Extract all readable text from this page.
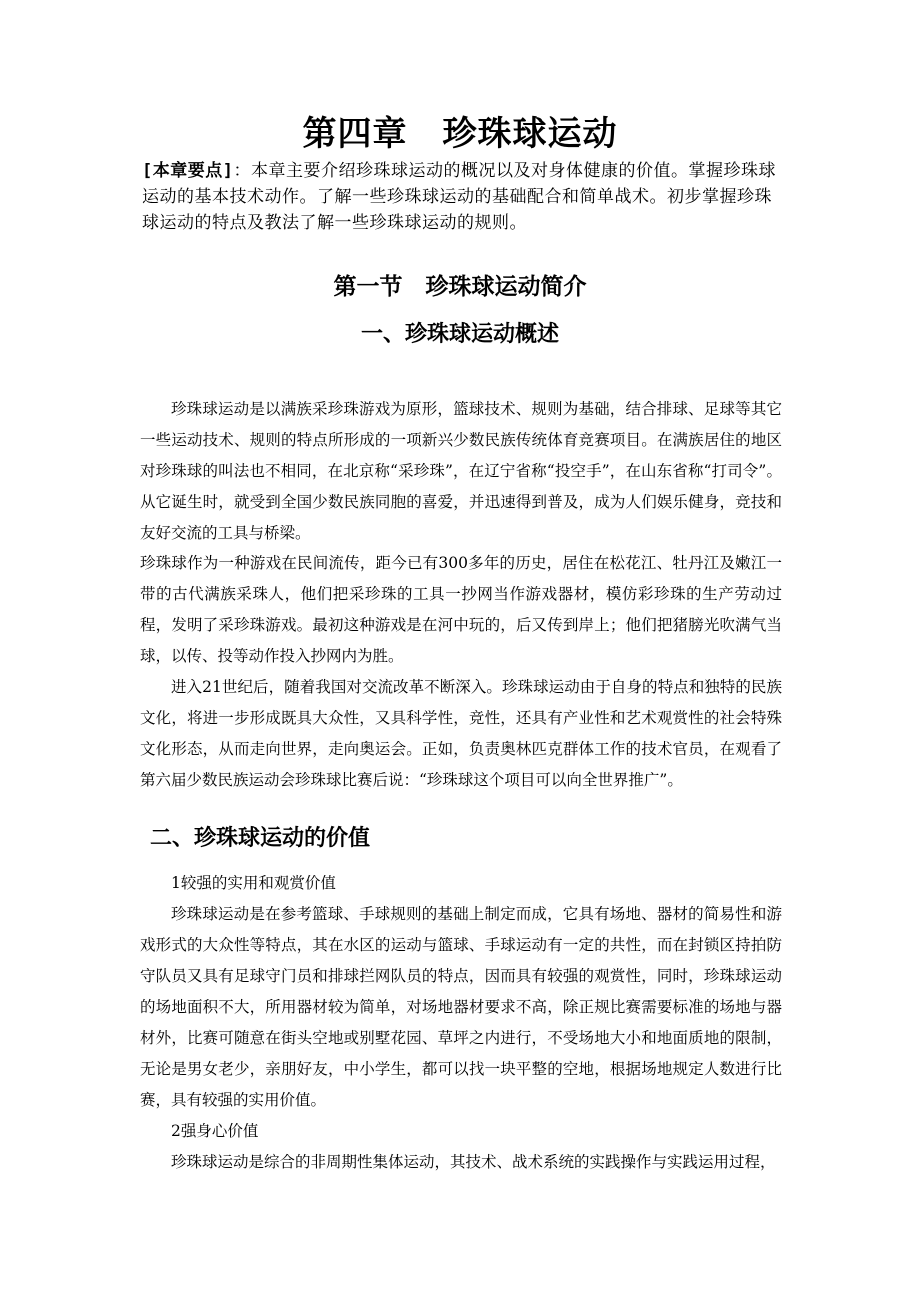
第四章　珍珠球运动
[本章要点]：本章主要介绍珍珠球运动的概况以及对身体健康的价值。掌握珍珠球运动的基本技术动作。了解一些珍珠球运动的基础配合和简单战术。初步掌握珍珠球运动的特点及教法了解一些珍珠球运动的规则。
第一节　珍珠球运动简介
一、珍珠球运动概述

珍珠球运动是以满族采珍珠游戏为原形，篮球技术、规则为基础，结合排球、足球等其它一些运动技术、规则的特点所形成的一项新兴少数民族传统体育竞赛项目。在满族居住的地区对珍珠球的叫法也不相同，在北京称“采珍珠”，在辽宁省称“投空手”，在山东省称“打司令”。从它诞生时，就受到全国少数民族同胞的喜爱，并迅速得到普及，成为人们娱乐健身，竞技和友好交流的工具与桥梁。

珍珠球作为一种游戏在民间流传，距今已有300多年的历史，居住在松花江、牡丹江及嫩江一带的古代满族采珠人，他们把采珍珠的工具一抄网当作游戏器材，模仿彩珍珠的生产劳动过程，发明了采珍珠游戏。最初这种游戏是在河中玩的，后又传到岸上；他们把猪膀光吹满气当球，以传、投等动作投入抄网内为胜。

进入21世纪后，随着我国对交流改革不断深入。珍珠球运动由于自身的特点和独特的民族文化，将进一步形成既具大众性，又具科学性，竞性，还具有产业性和艺术观赏性的社会特殊文化形态，从而走向世界，走向奥运会。正如，负责奥林匹克群体工作的技术官员，在观看了第六届少数民族运动会珍珠球比赛后说：“珍珠球这个项目可以向全世界推广”。

二、珍珠球运动的价值
1较强的实用和观赏价值

珍珠球运动是在参考篮球、手球规则的基础上制定而成，它具有场地、器材的简易性和游戏形式的大众性等特点，其在水区的运动与篮球、手球运动有一定的共性，而在封锁区持拍防守队员又具有足球守门员和排球拦网队员的特点，因而具有较强的观赏性，同时，珍珠球运动的场地面积不大，所用器材较为简单，对场地器材要求不高，除正规比赛需要标准的场地与器材外，比赛可随意在街头空地或别墅花园、草坪之内进行，不受场地大小和地面质地的限制，无论是男女老少，亲朋好友，中小学生，都可以找一块平整的空地，根据场地规定人数进行比赛，具有较强的实用价值。

2强身心价值

珍珠球运动是综合的非周期性集体运动，其技术、战术系统的实践操作与实践运用过程，
